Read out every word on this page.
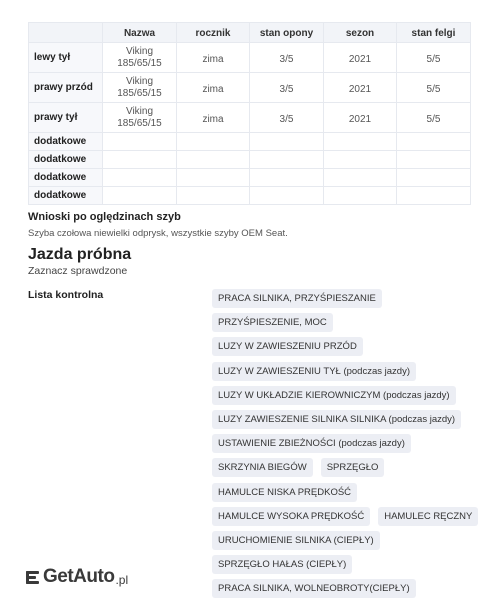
	Nazwa	rocznik	stan opony	sezon	stan felgi
lewy tył	Viking 185/65/15	zima	3/5	2021	5/5
prawy przód	Viking 185/65/15	zima	3/5	2021	5/5
prawy tył	Viking 185/65/15	zima	3/5	2021	5/5
dodatkowe					
dodatkowe					
dodatkowe					
dodatkowe					
Wnioski po oględzinach szyb
Szyba czołowa niewielki odprysk, wszystkie szyby OEM Seat.
Jazda próbna
Zaznacz sprawdzone
Lista kontrolna	PRACA SILNIKA, PRZYŚPIESZANIE
PRZYŚPIESZENIE, MOC
LUZY W ZAWIESZENIU PRZÓD
LUZY W ZAWIESZENIU TYŁ (podczas jazdy)
LUZY W UKŁADZIE KIEROWNICZYM (podczas jazdy)
LUZY ZAWIESZENIE SILNIKA SILNIKA (podczas jazdy)
USTAWIENIE ZBIEŻNOŚCI (podczas jazdy)
SKRZYNIA BIEGÓW	SPRZĘGŁO
HAMULCE NISKA PRĘDKOŚĆ
HAMULCE WYSOKA PRĘDKOŚĆ	HAMULEC RĘCZNY
URUCHOMIENIE SILNIKA (CIEPŁY)
SPRZĘGŁO HAŁAS (CIEPŁY)
PRACA SILNIKA, WOLNEOBROTY(CIEPŁY)
GetAuto .pl
